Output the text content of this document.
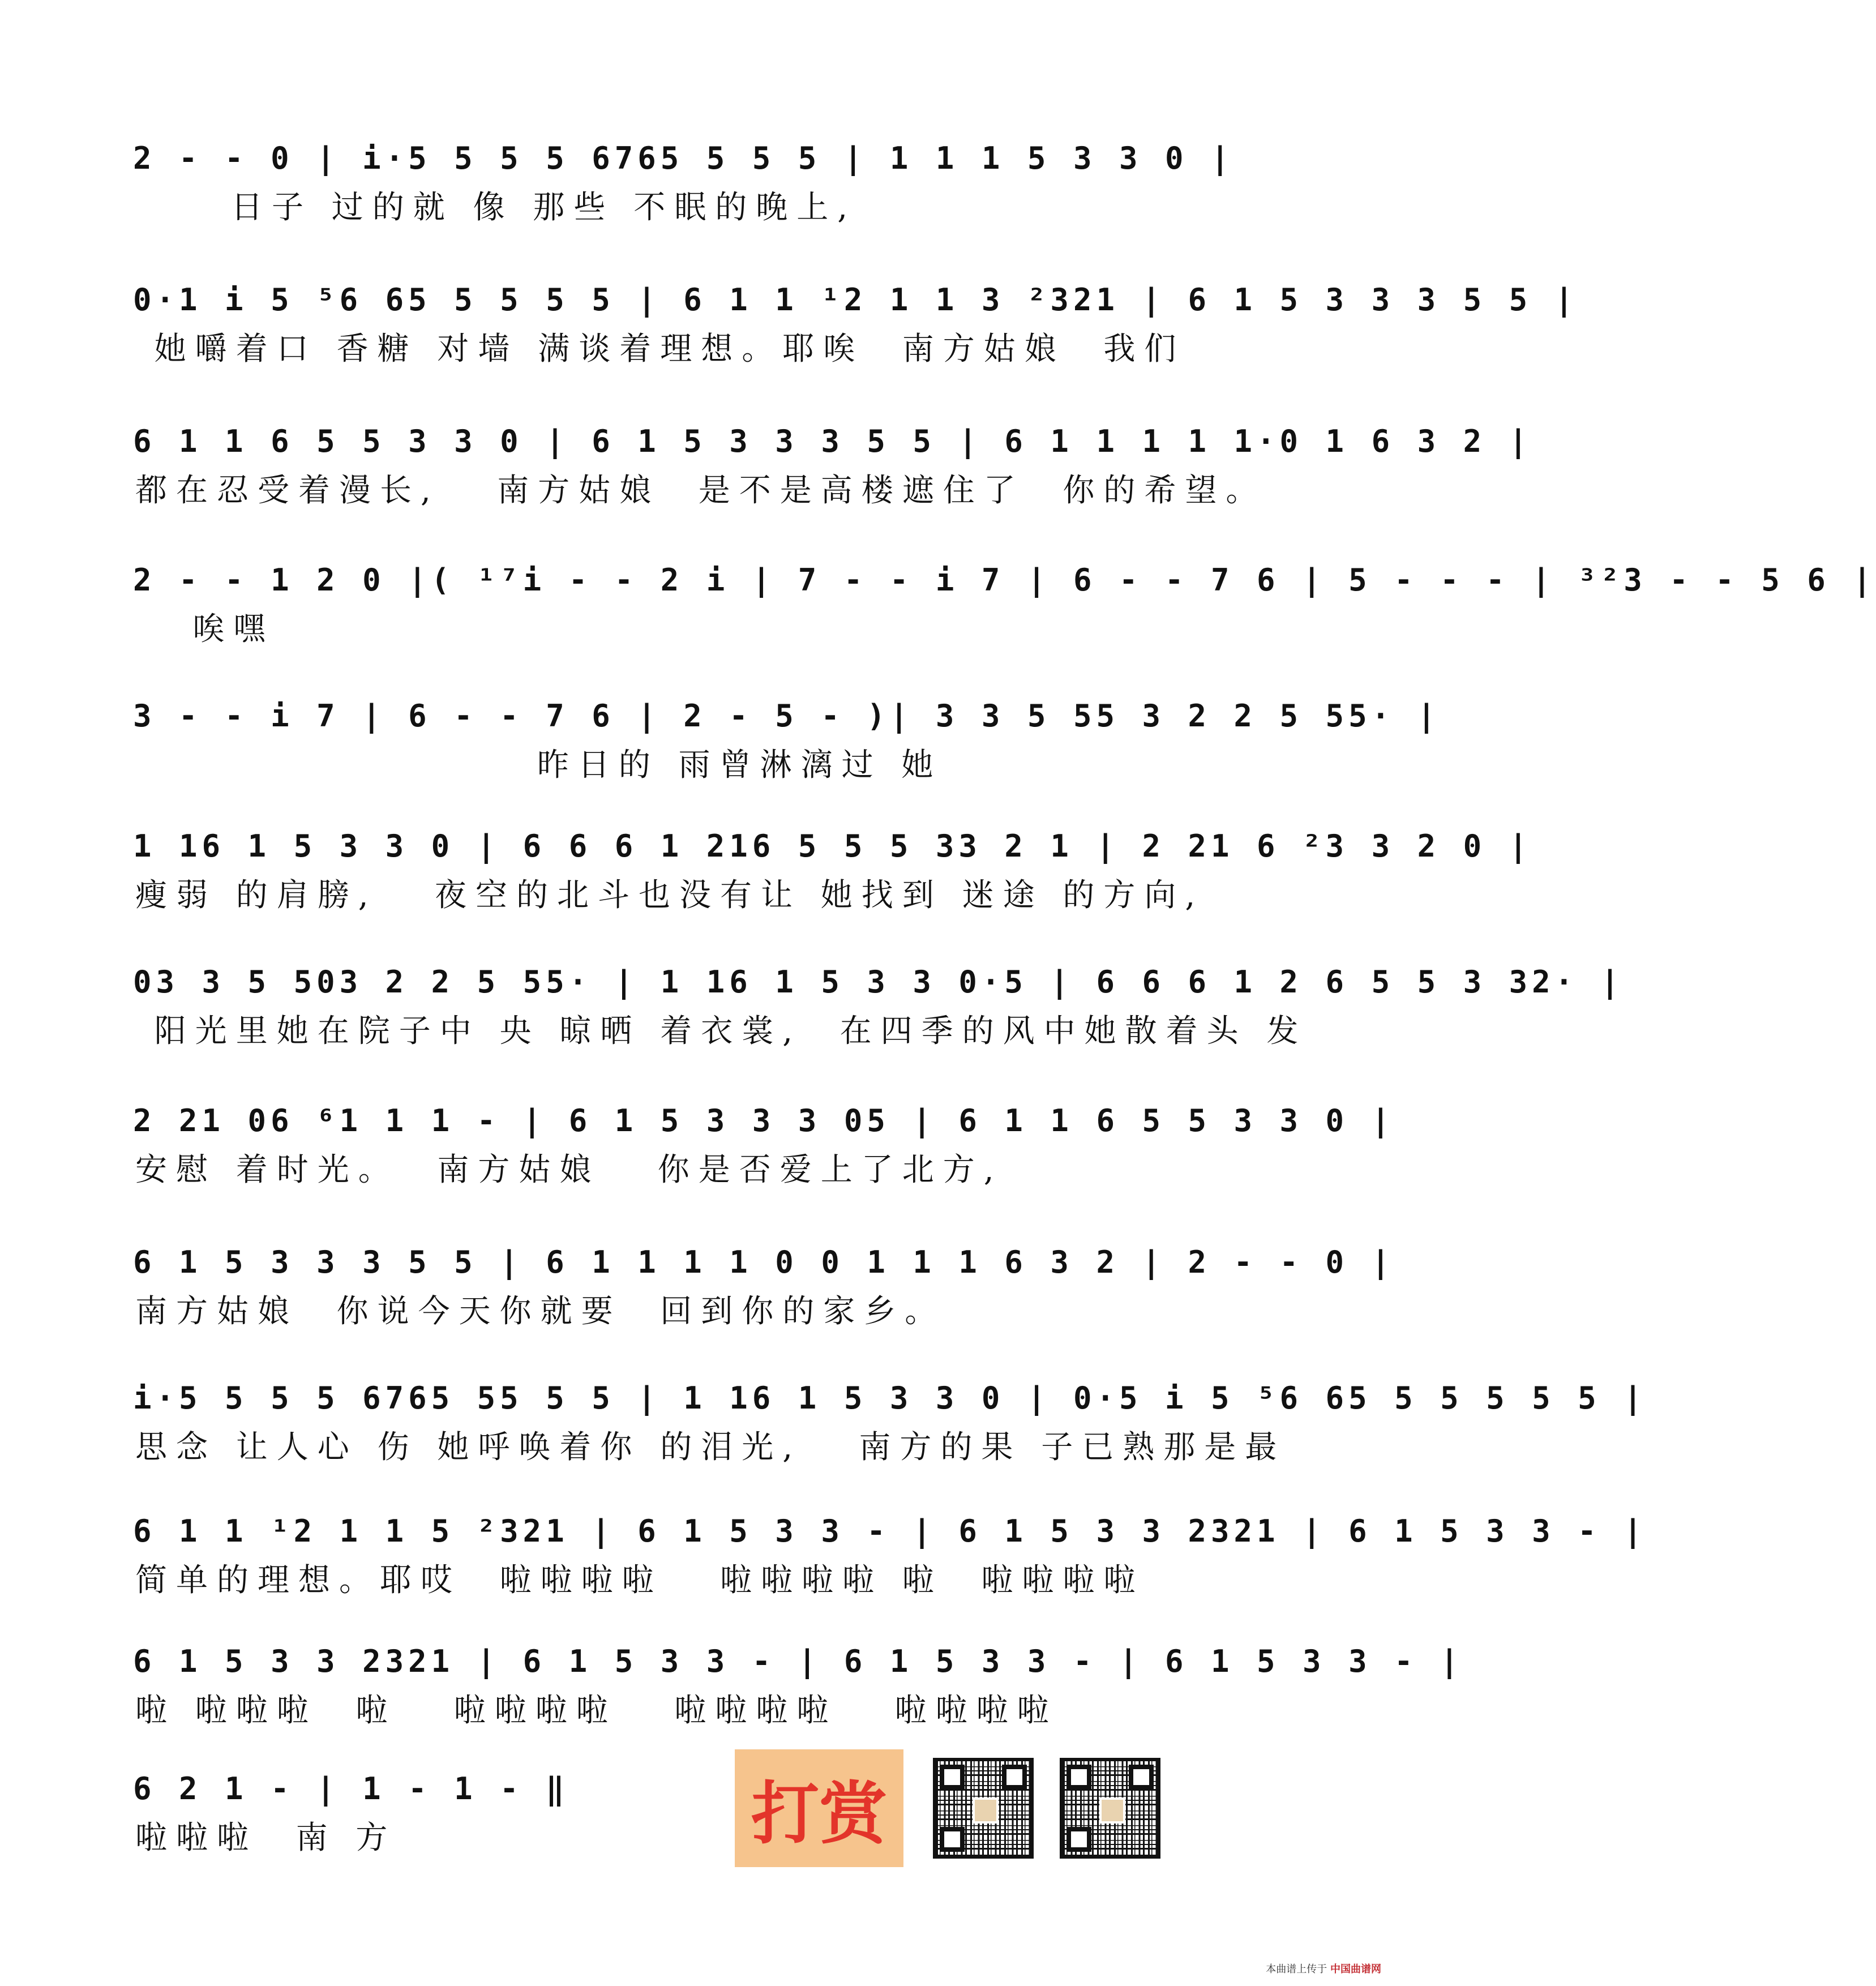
2 - - 0 | i·5 5 5 5 6765 5 5 5 | 1 1 1 5 3 3 0 |
日子 过的就 像 那些 不眠的晚上,
0·1 i 5 ⁵6 65 5 5 5 5 | 6 1 1 ¹2 1 1 3 ²321 | 6 1 5 3 3 3 5 5 |
她嚼着口 香糖 对墙 满谈着理想。耶唉  南方姑娘  我们
6 1 1 6 5 5 3 3 0 | 6 1 5 3 3 3 5 5 | 6 1 1 1 1 1·0 1 6 3 2 |
都在忍受着漫长,   南方姑娘  是不是高楼遮住了  你的希望。
2 - - 1 2 0 |( ¹⁷i - - 2 i | 7 - - i 7 | 6 - - 7 6 | 5 - - - | ³²3 - - 5 6 |
唉嘿
3 - - i 7 | 6 - - 7 6 | 2 - 5 - )| 3 3 5 55 3 2 2 5 55· |
昨日的 雨曾淋漓过 她
1 16 1 5 3 3 0 | 6 6 6 1 216 5 5 5 33 2 1 | 2 21 6 ²3 3 2 0 |
瘦弱 的肩膀,   夜空的北斗也没有让 她找到 迷途 的方向,
03 3 5 503 2 2 5 55· | 1 16 1 5 3 3 0·5 | 6 6 6 1 2 6 5 5 3 32· |
阳光里她在院子中 央 晾晒 着衣裳,  在四季的风中她散着头 发
2 21 06 ⁶1 1 1 - | 6 1 5 3 3 3 05 | 6 1 1 6 5 5 3 3 0 |
安慰 着时光。  南方姑娘   你是否爱上了北方,
6 1 5 3 3 3 5 5 | 6 1 1 1 1 0 0 1 1 1 6 3 2 | 2 - - 0 |
南方姑娘  你说今天你就要  回到你的家乡。
i·5 5 5 5 6765 55 5 5 | 1 16 1 5 3 3 0 | 0·5 i 5 ⁵6 65 5 5 5 5 5 |
思念 让人心 伤 她呼唤着你 的泪光,   南方的果 子已熟那是最
6 1 1 ¹2 1 1 5 ²321 | 6 1 5 3 3 - | 6 1 5 3 3 2321 | 6 1 5 3 3 - |
简单的理想。耶哎  啦啦啦啦   啦啦啦啦 啦  啦啦啦啦
6 1 5 3 3 2321 | 6 1 5 3 3 - | 6 1 5 3 3 - | 6 1 5 3 3 - |
啦 啦啦啦  啦   啦啦啦啦   啦啦啦啦   啦啦啦啦
6 2 1 - | 1 - 1 - ‖
啦啦啦  南 方	打赏
本曲谱上传于 中国曲谱网
